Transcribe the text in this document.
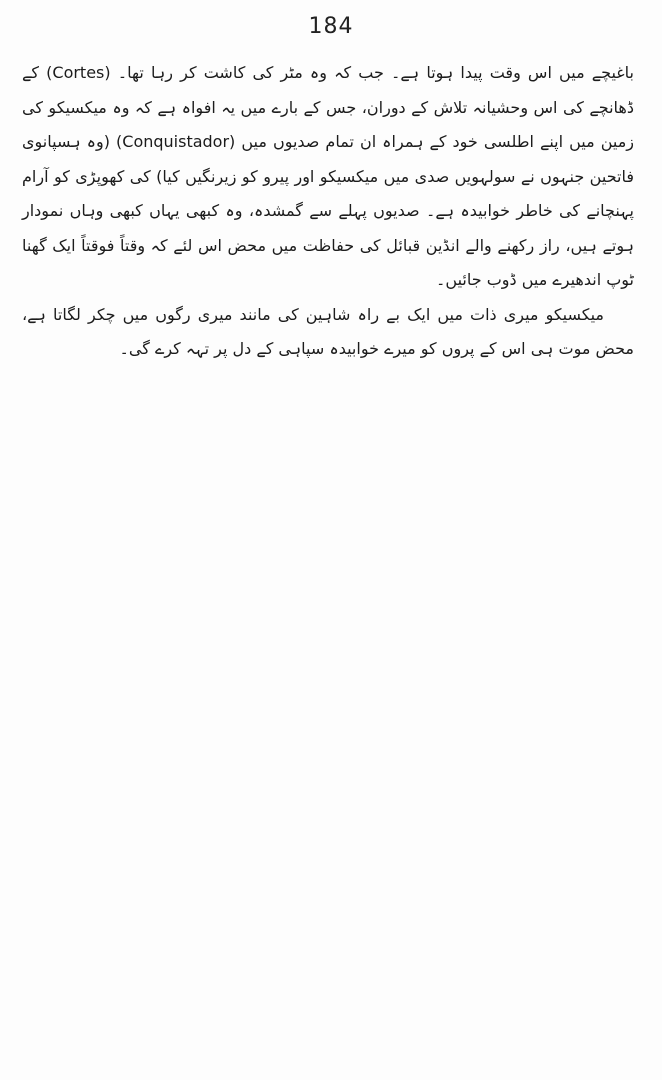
184

باغیچے میں اس وقت پیدا ہوتا ہے۔ جب کہ وہ مٹر کی کاشت کر رہا تھا۔ (Cortes) کے ڈھانچے کی اس وحشیانہ تلاش کے دوران، جس کے بارے میں یہ افواہ ہے کہ وہ میکسیکو کی زمین میں اپنے اطلسی خود کے ہمراہ ان تمام صدیوں میں (Conquistador) (وہ ہسپانوی فاتحین جنہوں نے سولہویں صدی میں میکسیکو اور پیرو کو زیرنگیں کیا) کی کھوپڑی کو آرام پہنچانے کی خاطر خوابیدہ ہے۔ صدیوں پہلے سے گمشدہ، وہ کبھی یہاں کبھی وہاں نمودار ہوتے ہیں، راز رکھنے والے انڈین قبائل کی حفاظت میں محض اس لئے کہ وقتاً فوقتاً ایک گھنا ٹوپ اندھیرے میں ڈوب جائیں۔

میکسیکو میری ذات میں ایک بے راہ شاہین کی مانند میری رگوں میں چکر لگاتا ہے، محض موت ہی اس کے پروں کو میرے خوابیدہ سپاہی کے دل پر تہہ کرے گی۔
